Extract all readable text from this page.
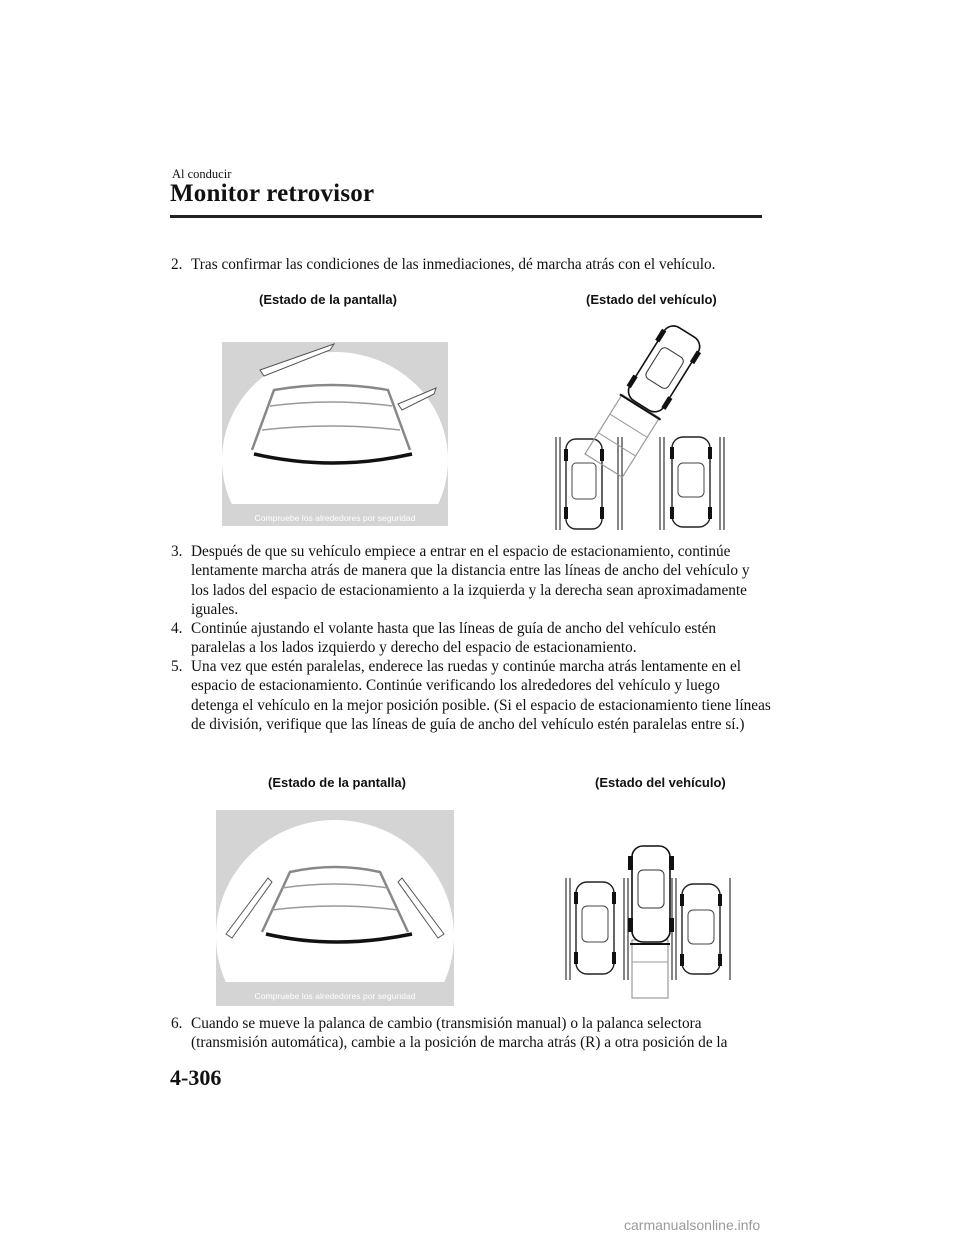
Al conducir
Monitor retrovisor
2. Tras confirmar las condiciones de las inmediaciones, dé marcha atrás con el vehículo.
(Estado de la pantalla)	(Estado del vehículo)
Compruebe los alrededores por seguridad
3. Después de que su vehículo empiece a entrar en el espacio de estacionamiento, continúe lentamente marcha atrás de manera que la distancia entre las líneas de ancho del vehículo y los lados del espacio de estacionamiento a la izquierda y la derecha sean aproximadamente iguales.
4. Continúe ajustando el volante hasta que las líneas de guía de ancho del vehículo estén paralelas a los lados izquierdo y derecho del espacio de estacionamiento.
5. Una vez que estén paralelas, enderece las ruedas y continúe marcha atrás lentamente en el espacio de estacionamiento. Continúe verificando los alrededores del vehículo y luego detenga el vehículo en la mejor posición posible. (Si el espacio de estacionamiento tiene líneas de división, verifique que las líneas de guía de ancho del vehículo estén paralelas entre sí.)
(Estado de la pantalla)	(Estado del vehículo)
Compruebe los alrededores por seguridad
6. Cuando se mueve la palanca de cambio (transmisión manual) o la palanca selectora (transmisión automática), cambie a la posición de marcha atrás (R) a otra posición de la
4-306
carmanualsonline.info
